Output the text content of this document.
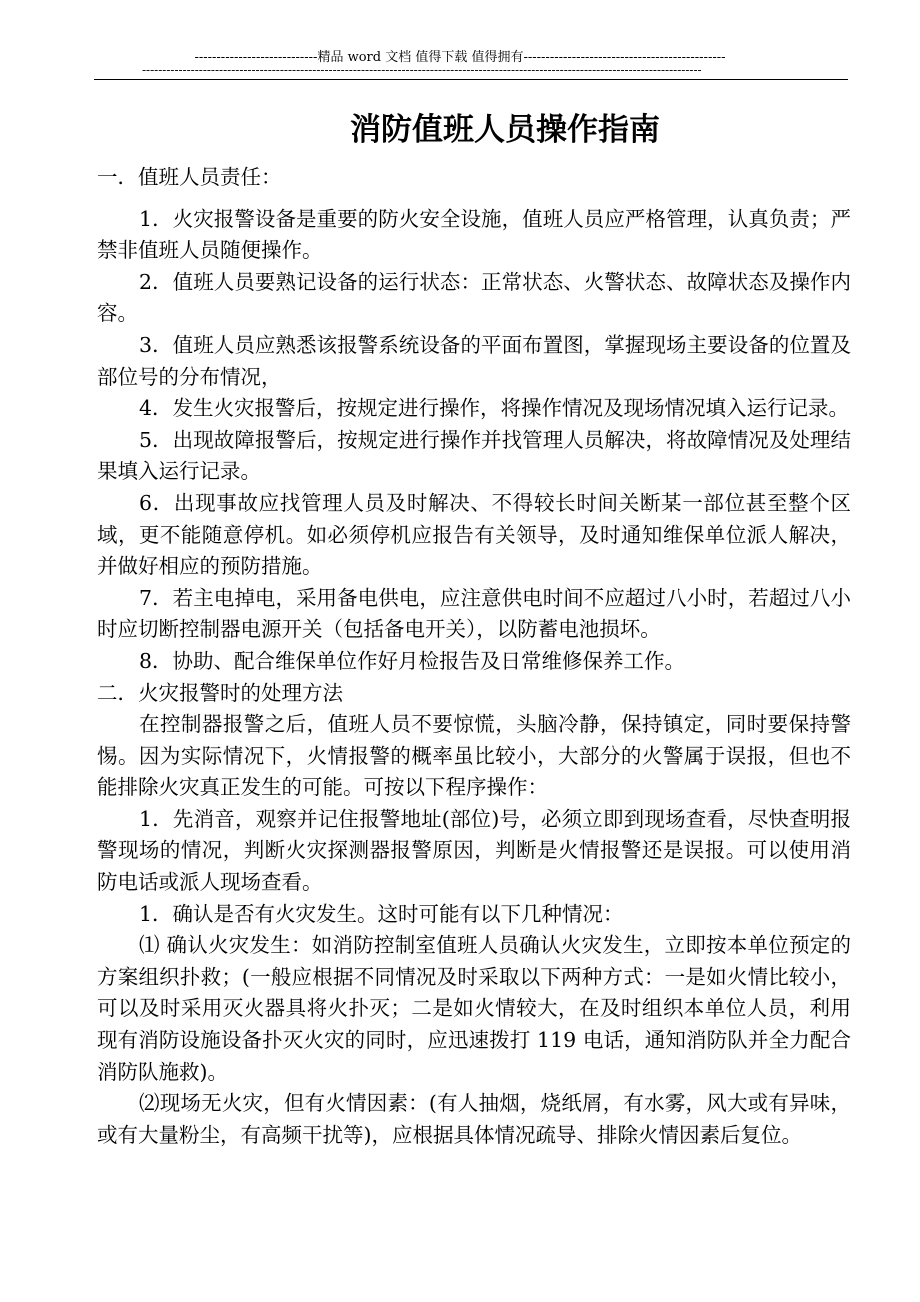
----------------------------精品 word 文档 值得下载 值得拥有----------------------------------------------
------------------------------------------------------------------------------------------------------------------------------------------
消防值班人员操作指南

一．值班人员责任：

1．火灾报警设备是重要的防火安全设施，值班人员应严格管理，认真负责；严禁非值班人员随便操作。

2．值班人员要熟记设备的运行状态：正常状态、火警状态、故障状态及操作内容。

3．值班人员应熟悉该报警系统设备的平面布置图，掌握现场主要设备的位置及部位号的分布情况，

4．发生火灾报警后，按规定进行操作，将操作情况及现场情况填入运行记录。

5．出现故障报警后，按规定进行操作并找管理人员解决，将故障情况及处理结果填入运行记录。

6．出现事故应找管理人员及时解决、不得较长时间关断某一部位甚至整个区域，更不能随意停机。如必须停机应报告有关领导，及时通知维保单位派人解决，并做好相应的预防措施。

7．若主电掉电，采用备电供电，应注意供电时间不应超过八小时，若超过八小时应切断控制器电源开关（包括备电开关），以防蓄电池损坏。

8．协助、配合维保单位作好月检报告及日常维修保养工作。

二．火灾报警时的处理方法

在控制器报警之后，值班人员不要惊慌，头脑冷静，保持镇定，同时要保持警惕。因为实际情况下，火情报警的概率虽比较小，大部分的火警属于误报，但也不能排除火灾真正发生的可能。可按以下程序操作：

1．先消音，观察并记住报警地址(部位)号，必须立即到现场查看，尽快查明报警现场的情况，判断火灾探测器报警原因，判断是火情报警还是误报。可以使用消防电话或派人现场查看。

1．确认是否有火灾发生。这时可能有以下几种情况：

⑴ 确认火灾发生：如消防控制室值班人员确认火灾发生，立即按本单位预定的方案组织扑救；(一般应根据不同情况及时采取以下两种方式：一是如火情比较小，可以及时采用灭火器具将火扑灭；二是如火情较大，在及时组织本单位人员，利用现有消防设施设备扑灭火灾的同时，应迅速拨打 119 电话，通知消防队并全力配合消防队施救)。

⑵现场无火灾，但有火情因素：(有人抽烟，烧纸屑，有水雾，风大或有异味，或有大量粉尘，有高频干扰等)，应根据具体情况疏导、排除火情因素后复位。
